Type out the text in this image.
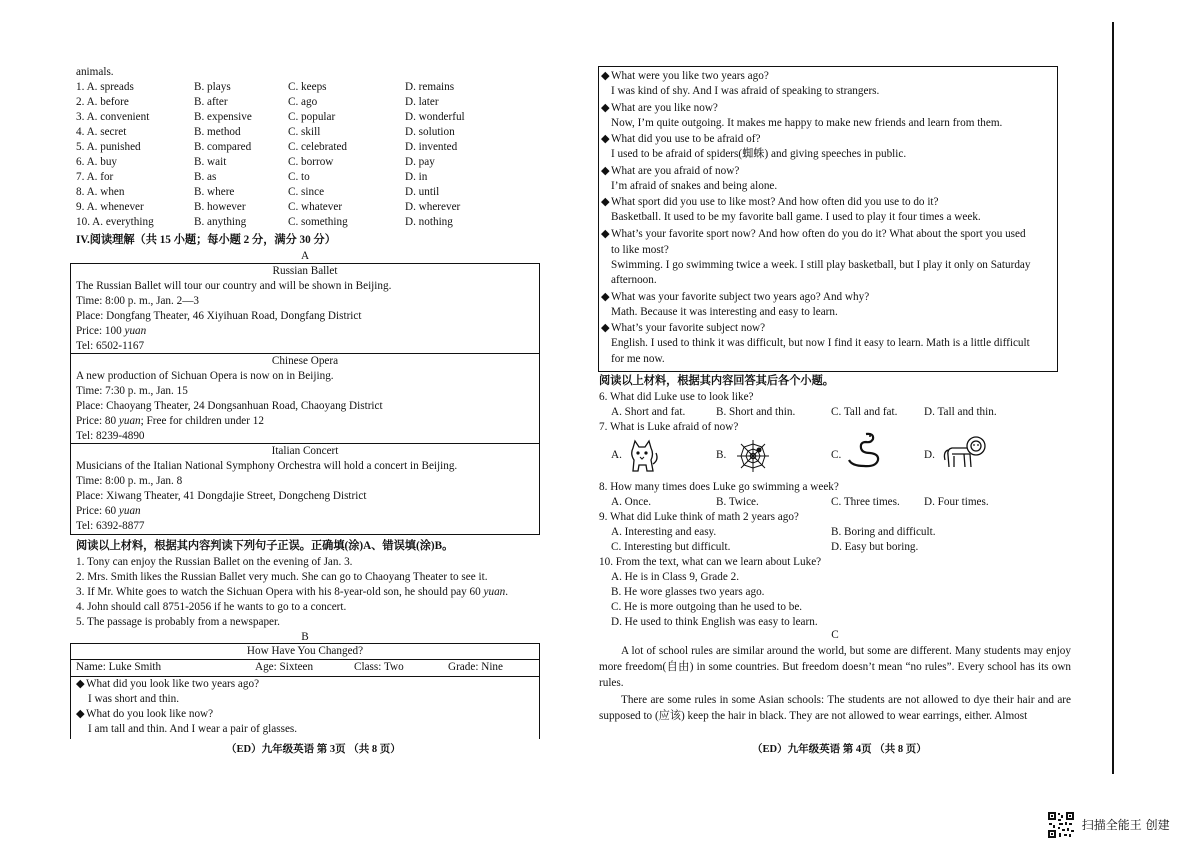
animals.
1. A. spreads	B. plays	C. keeps	D. remains
2. A. before	B. after	C. ago	D. later
3. A. convenient	B. expensive	C. popular	D. wonderful
4. A. secret	B. method	C. skill	D. solution
5. A. punished	B. compared	C. celebrated	D. invented
6. A. buy	B. wait	C. borrow	D. pay
7. A. for	B. as	C. to	D. in
8. A. when	B. where	C. since	D. until
9. A. whenever	B. however	C. whatever	D. wherever
10. A. everything	B. anything	C. something	D. nothing
IV.阅读理解（共 15 小题；每小题 2 分，满分 30 分）
A
Russian Ballet
The Russian Ballet will tour our country and will be shown in Beijing.
Time: 8:00 p. m., Jan. 2—3
Place: Dongfang Theater, 46 Xiyihuan Road, Dongfang District
Price: 100 yuan
Tel: 6502-1167
Chinese Opera
A new production of Sichuan Opera is now on in Beijing.
Time: 7:30 p. m., Jan. 15
Place: Chaoyang Theater, 24 Dongsanhuan Road, Chaoyang District
Price: 80 yuan; Free for children under 12
Tel: 8239-4890
Italian Concert
Musicians of the Italian National Symphony Orchestra will hold a concert in Beijing.
Time: 8:00 p. m., Jan. 8
Place: Xiwang Theater, 41 Dongdajie Street, Dongcheng District
Price: 60 yuan
Tel: 6392-8877
阅读以上材料，根据其内容判读下列句子正误。正确填(涂)A、错误填(涂)B。
1. Tony can enjoy the Russian Ballet on the evening of Jan. 3.
2. Mrs. Smith likes the Russian Ballet very much. She can go to Chaoyang Theater to see it.
3. If Mr. White goes to watch the Sichuan Opera with his 8-year-old son, he should pay 60 yuan.
4. John should call 8751-2056 if he wants to go to a concert.
5. The passage is probably from a newspaper.
B
How Have You Changed?
Name: Luke Smith	Age: Sixteen	Class: Two	Grade: Nine
◆What did you look like two years ago?
I was short and thin.
◆What do you look like now?
I am tall and thin. And I wear a pair of glasses.
（ED）九年级英语 第 3页 （共 8 页）
◆What were you like two years ago?
I was kind of shy. And I was afraid of speaking to strangers.
◆What are you like now?
Now, I’m quite outgoing. It makes me happy to make new friends and learn from them.
◆What did you use to be afraid of?
I used to be afraid of spiders(蜘蛛) and giving speeches in public.
◆What are you afraid of now?
I’m afraid of snakes and being alone.
◆What sport did you use to like most? And how often did you use to do it?
Basketball. It used to be my favorite ball game. I used to play it four times a week.
◆What’s your favorite sport now? And how often do you do it? What about the sport you used
to like most?
Swimming. I go swimming twice a week. I still play basketball, but I play it only on Saturday
afternoon.
◆What was your favorite subject two years ago? And why?
Math. Because it was interesting and easy to learn.
◆What’s your favorite subject now?
English. I used to think it was difficult, but now I find it easy to learn. Math is a little difficult
for me now.
阅读以上材料，根据其内容回答其后各个小题。
6. What did Luke use to look like?
A. Short and fat.	B. Short and thin.	C. Tall and fat. D. Tall and thin.
7. What is Luke afraid of now?
A.	B.	C.	D.
8. How many times does Luke go swimming a week?
A. Once.	B. Twice.	C. Three times. D. Four times.
9. What did Luke think of math 2 years ago?
A. Interesting and easy.	B. Boring and difficult.
C. Interesting but difficult.	D. Easy but boring.
10. From the text, what can we learn about Luke?
A. He is in Class 9, Grade 2.
B. He wore glasses two years ago.
C. He is more outgoing than he used to be.
D. He used to think English was easy to learn.
C
A lot of school rules are similar around the world, but some are different. Many students may enjoy more freedom(自由) in some countries. But freedom doesn’t mean “no rules”. Every school has its own rules.
There are some rules in some Asian schools: The students are not allowed to dye their hair and are supposed to (应该) keep the hair in black. They are not allowed to wear earrings, either. Almost
（ED）九年级英语 第 4页 （共 8 页）
扫描全能王 创建
